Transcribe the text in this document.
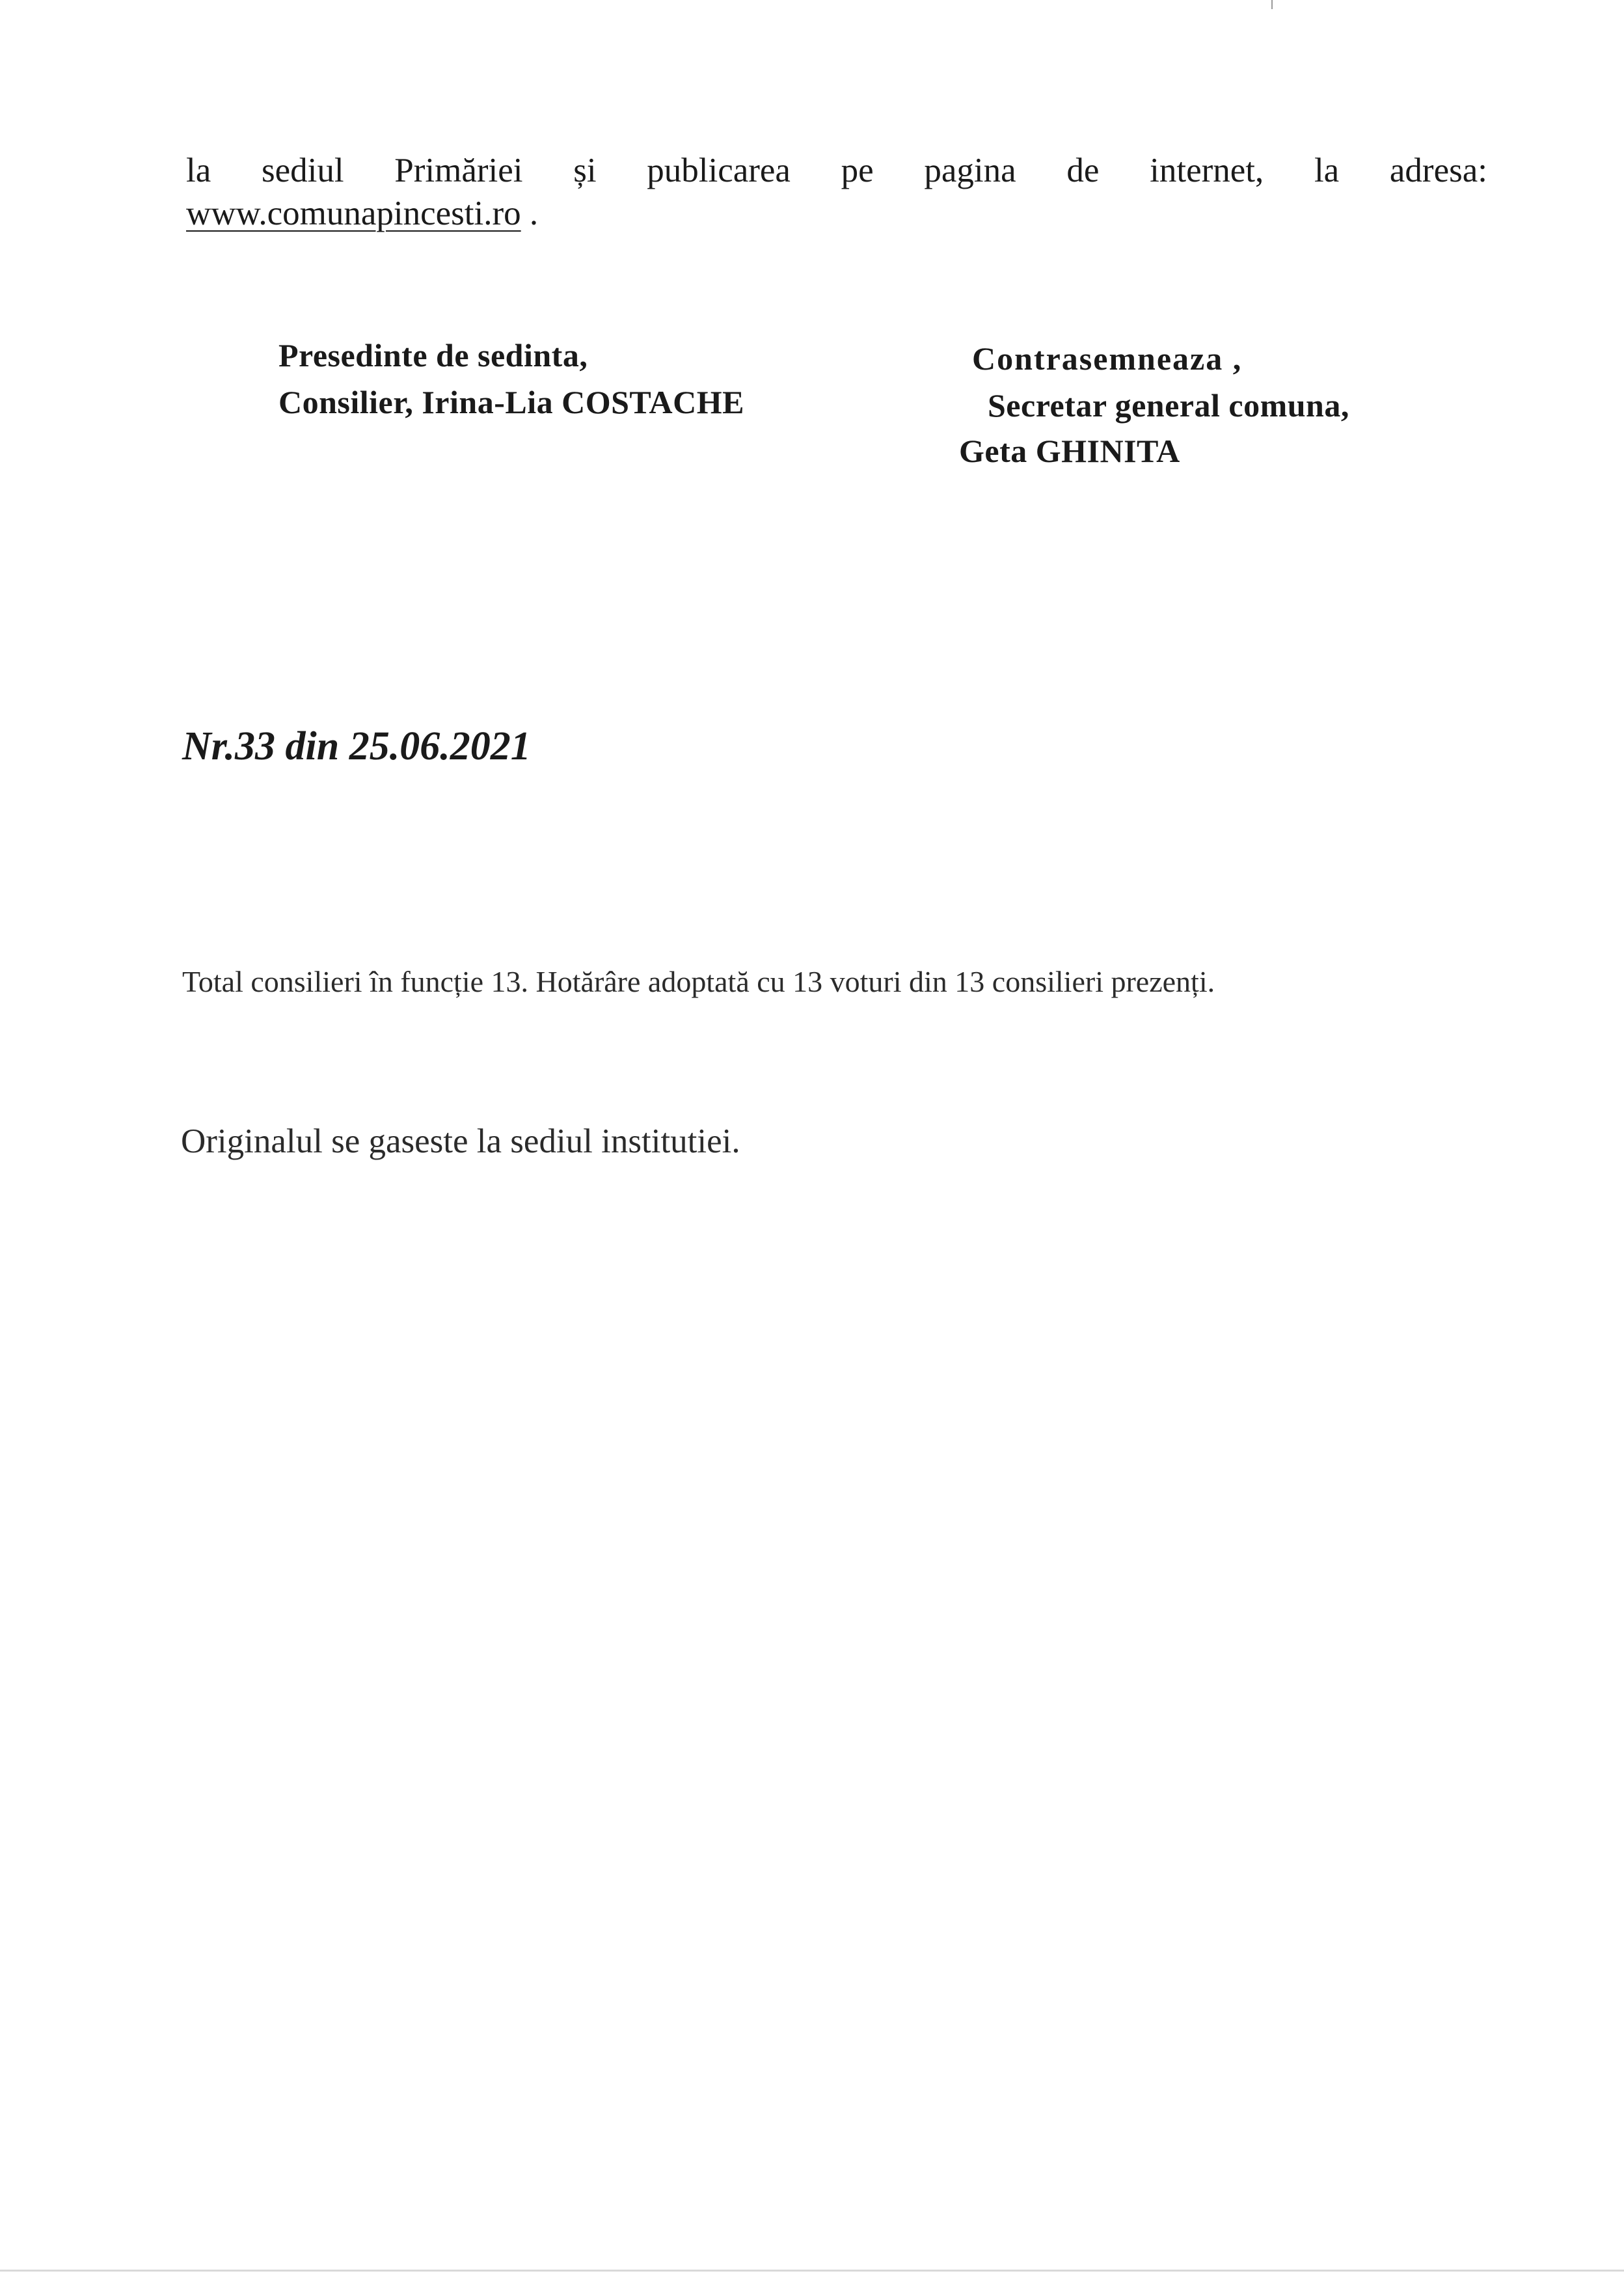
la sediul Primăriei și publicarea pe pagina de internet, la adresa:
www.comunapincesti.ro .
Presedinte de sedinta,
Consilier, Irina-Lia COSTACHE
Contrasemneaza ,
Secretar general comuna,
Geta GHINITA
Nr.33 din 25.06.2021
Total consilieri în funcție 13. Hotărâre adoptată cu 13 voturi din 13 consilieri prezenți.
Originalul se gaseste la sediul institutiei.
